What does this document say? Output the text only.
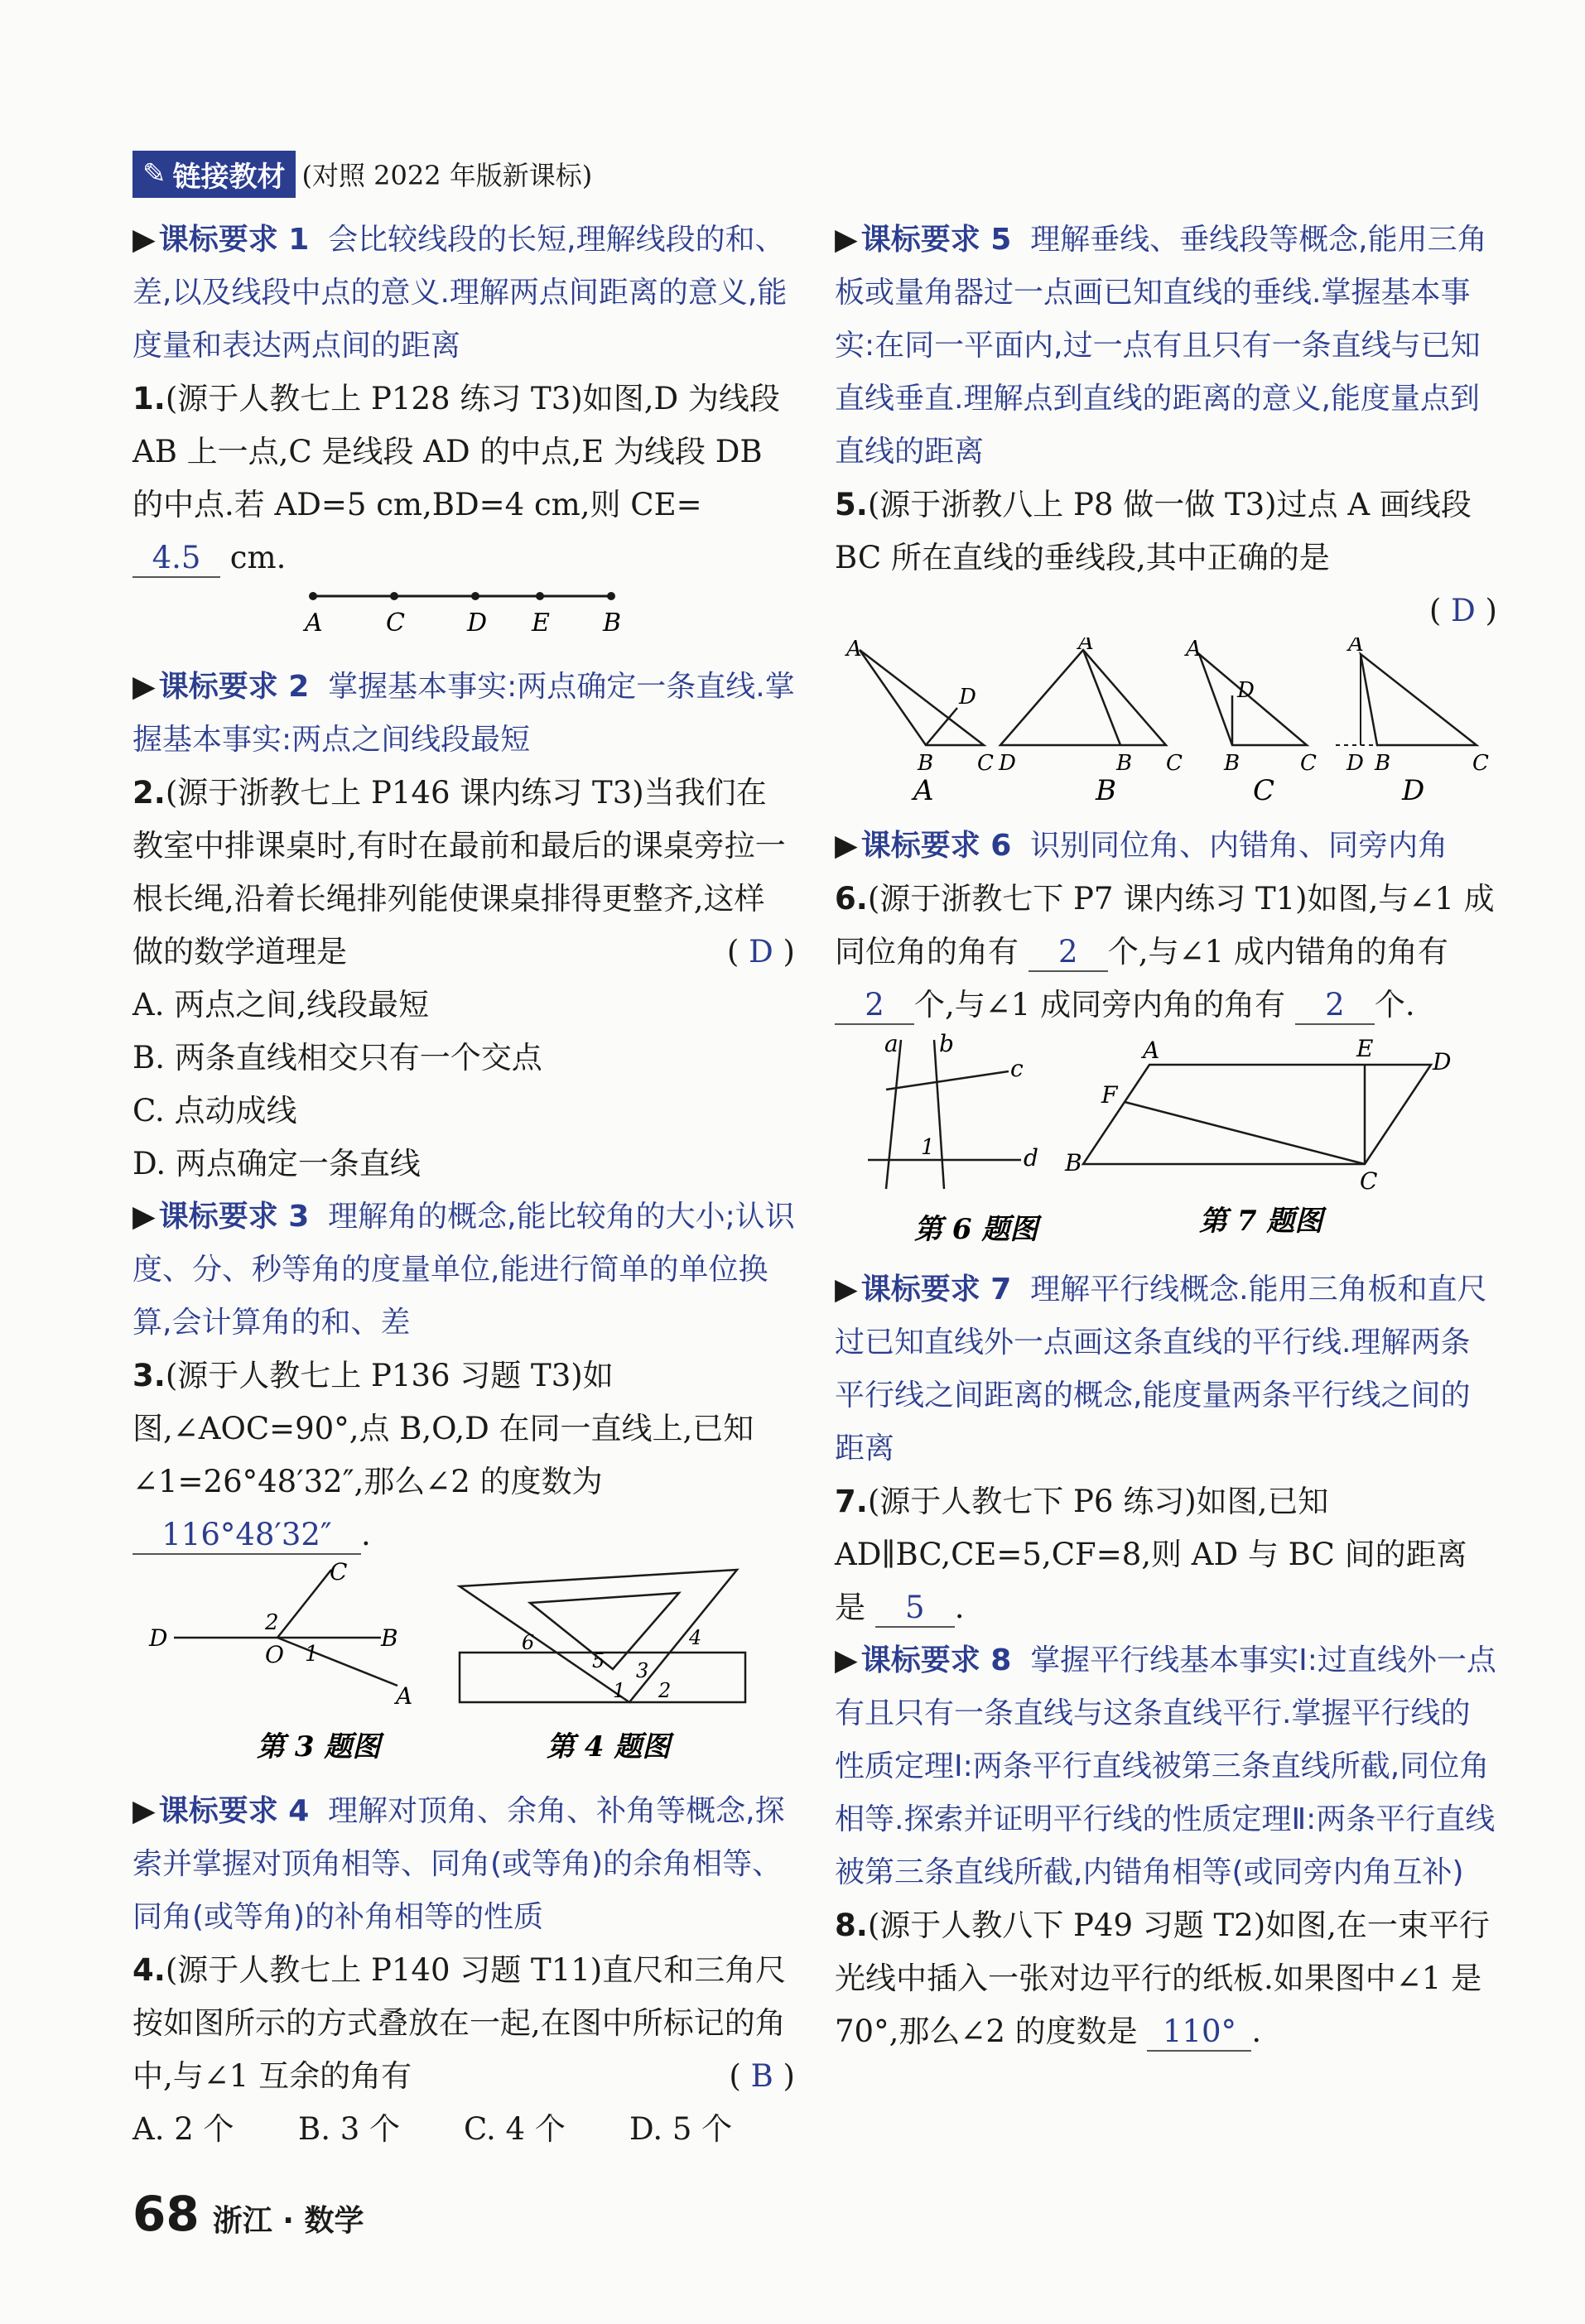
✎ 链接教材 (对照 2022 年版新课标)
▶ 课标要求 1 会比较线段的长短,理解线段的和、差,以及线段中点的意义.理解两点间距离的意义,能度量和表达两点间的距离
1.(源于人教七上 P128 练习 T3)如图,D 为线段 AB 上一点,C 是线段 AD 的中点,E 为线段 DB 的中点.若 AD=5 cm,BD=4 cm,则 CE= 4.5 cm.
A	C	D E B
▶ 课标要求 2 掌握基本事实:两点确定一条直线.掌握基本事实:两点之间线段最短
2.(源于浙教七上 P146 课内练习 T3)当我们在教室中排课桌时,有时在最前和最后的课桌旁拉一根长绳,沿着长绳排列能使课桌排得更整齐,这样做的数学道理是	( D )
A. 两点之间,线段最短
B. 两条直线相交只有一个交点
C. 点动成线
D. 两点确定一条直线
▶ 课标要求 3 理解角的概念,能比较角的大小;认识度、分、秒等角的度量单位,能进行简单的单位换算,会计算角的和、差
3.(源于人教七上 P136 习题 T3)如图,∠AOC=90°,点 B,O,D 在同一直线上,已知∠1=26°48′32″,那么∠2 的度数为
116°48′32″ .
C
2
D
O 1
B
A
第 3 题图
6
5
4
3
1 2
第 4 题图
▶ 课标要求 4 理解对顶角、余角、补角等概念,探索并掌握对顶角相等、同角(或等角)的余角相等、同角(或等角)的补角相等的性质
4.(源于人教七上 P140 习题 T11)直尺和三角尺按如图所示的方式叠放在一起,在图中所标记的角中,与∠1 互余的角有	( B )
A. 2 个 B. 3 个 C. 4 个 D. 5 个
▶ 课标要求 5 理解垂线、垂线段等概念,能用三角板或量角器过一点画已知直线的垂线.掌握基本事实:在同一平面内,过一点有且只有一条直线与已知直线垂直.理解点到直线的距离的意义,能度量点到直线的距离
5.(源于浙教八上 P8 做一做 T3)过点 A 画线段 BC 所在直线的垂线段,其中正确的是
( D )
A
B C
D
A
A
D	B C
B
A
B	C
D
C
A
D B	C
D
▶ 课标要求 6 识别同位角、内错角、同旁内角
6.(源于浙教七下 P7 课内练习 T1)如图,与∠1 成同位角的角有 2 个,与∠1 成内错角的角有 2 个,与∠1 成同旁内角的角有 2 个.
a b
c
1	d
第 6 题图
A	E	D
F
B
C
第 7 题图
▶ 课标要求 7 理解平行线概念.能用三角板和直尺过已知直线外一点画这条直线的平行线.理解两条平行线之间距离的概念,能度量两条平行线之间的距离
7.(源于人教七下 P6 练习)如图,已知 AD∥BC,CE=5,CF=8,则 AD 与 BC 间的距离是 5 .
▶ 课标要求 8 掌握平行线基本事实Ⅰ:过直线外一点有且只有一条直线与这条直线平行.掌握平行线的性质定理Ⅰ:两条平行直线被第三条直线所截,同位角相等.探索并证明平行线的性质定理Ⅱ:两条平行直线被第三条直线所截,内错角相等(或同旁内角互补)
8.(源于人教八下 P49 习题 T2)如图,在一束平行光线中插入一张对边平行的纸板.如果图中∠1 是 70°,那么∠2 的度数是 110° .
68 浙江 · 数学
